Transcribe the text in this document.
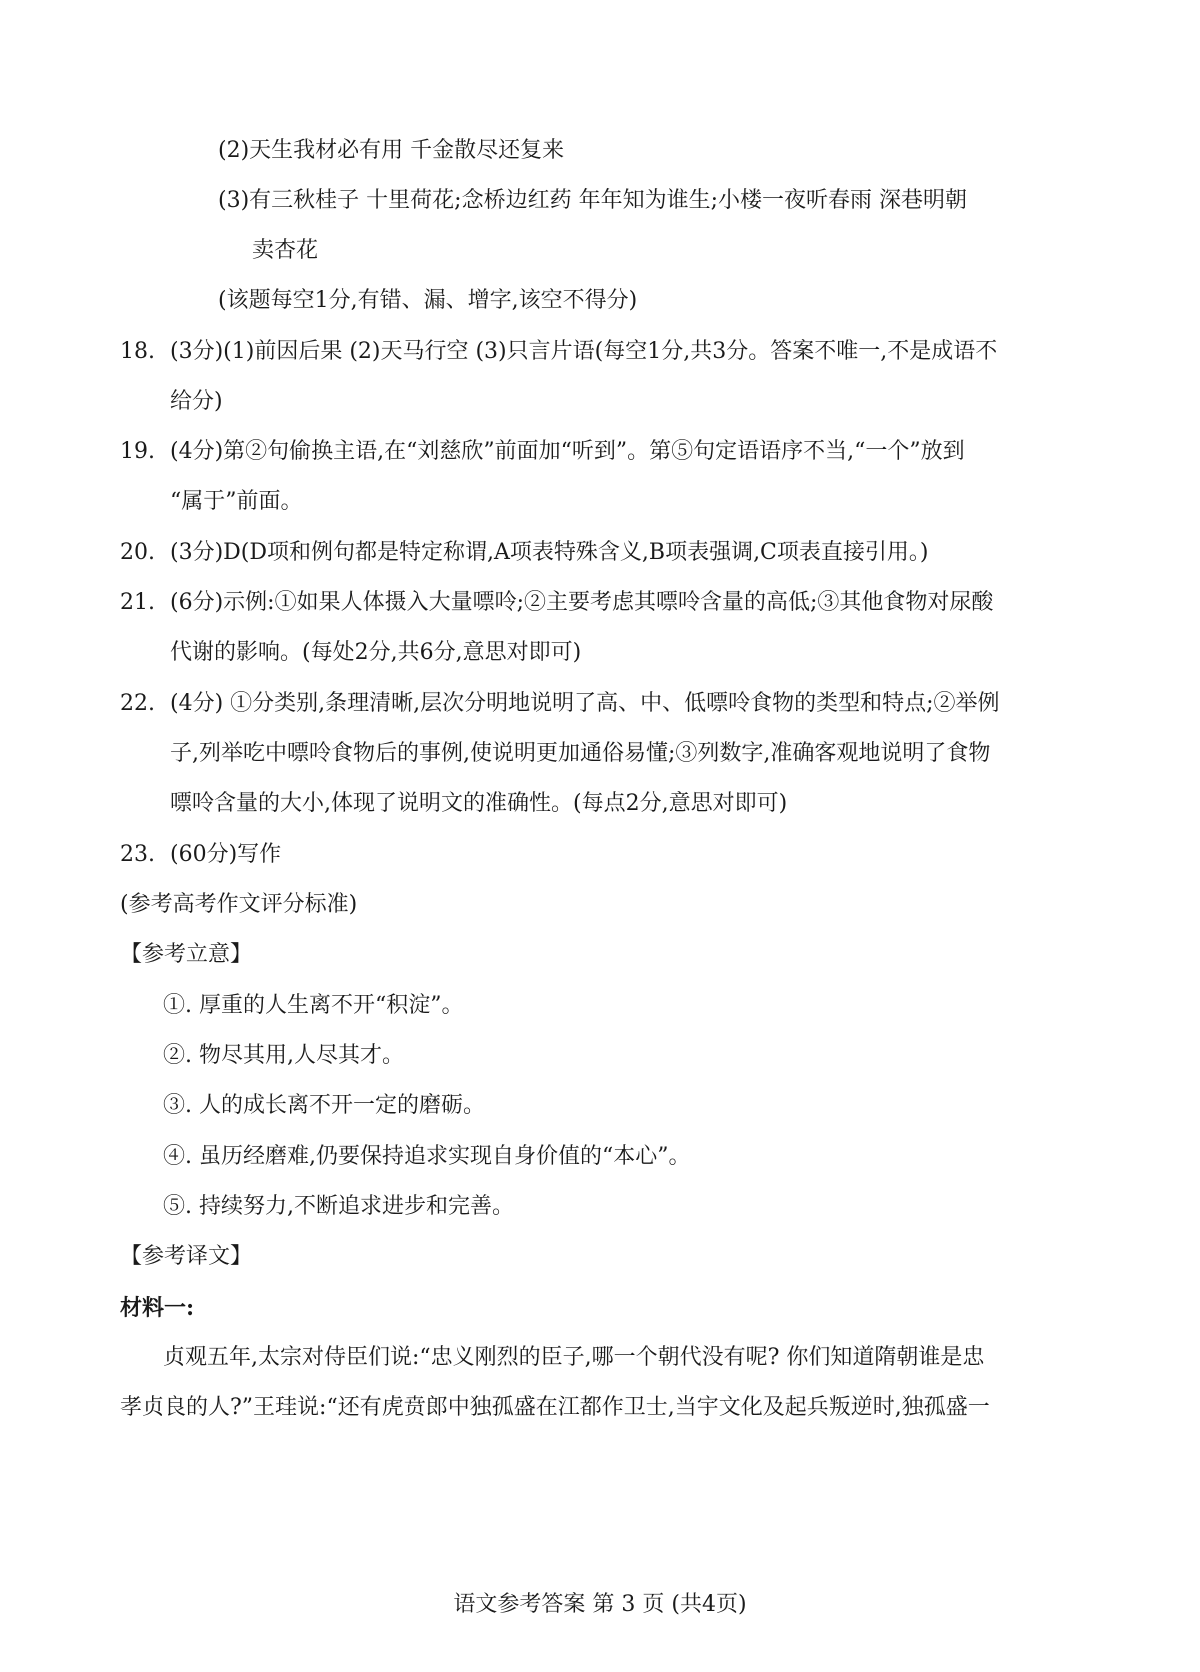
(2)天生我材必有用 千金散尽还复来
(3)有三秋桂子 十里荷花;念桥边红药 年年知为谁生;小楼一夜听春雨 深巷明朝
卖杏花
(该题每空1分,有错、漏、增字,该空不得分)
18. (3分)(1)前因后果 (2)天马行空 (3)只言片语(每空1分,共3分。答案不唯一,不是成语不
给分)
19. (4分)第②句偷换主语,在“刘慈欣”前面加“听到”。第⑤句定语语序不当,“一个”放到
“属于”前面。
20. (3分)D(D项和例句都是特定称谓,A项表特殊含义,B项表强调,C项表直接引用。)
21. (6分)示例:①如果人体摄入大量嘌呤;②主要考虑其嘌呤含量的高低;③其他食物对尿酸
代谢的影响。(每处2分,共6分,意思对即可)
22. (4分) ①分类别,条理清晰,层次分明地说明了高、中、低嘌呤食物的类型和特点;②举例
子,列举吃中嘌呤食物后的事例,使说明更加通俗易懂;③列数字,准确客观地说明了食物
嘌呤含量的大小,体现了说明文的准确性。(每点2分,意思对即可)
23. (60分)写作
(参考高考作文评分标准)
【参考立意】
①. 厚重的人生离不开“积淀”。
②. 物尽其用,人尽其才。
③. 人的成长离不开一定的磨砺。
④. 虽历经磨难,仍要保持追求实现自身价值的“本心”。
⑤. 持续努力,不断追求进步和完善。
【参考译文】
材料一:
贞观五年,太宗对侍臣们说:“忠义刚烈的臣子,哪一个朝代没有呢? 你们知道隋朝谁是忠
孝贞良的人?”王珪说:“还有虎贲郎中独孤盛在江都作卫士,当宇文化及起兵叛逆时,独孤盛一
语文参考答案 第 3 页 (共4页)
